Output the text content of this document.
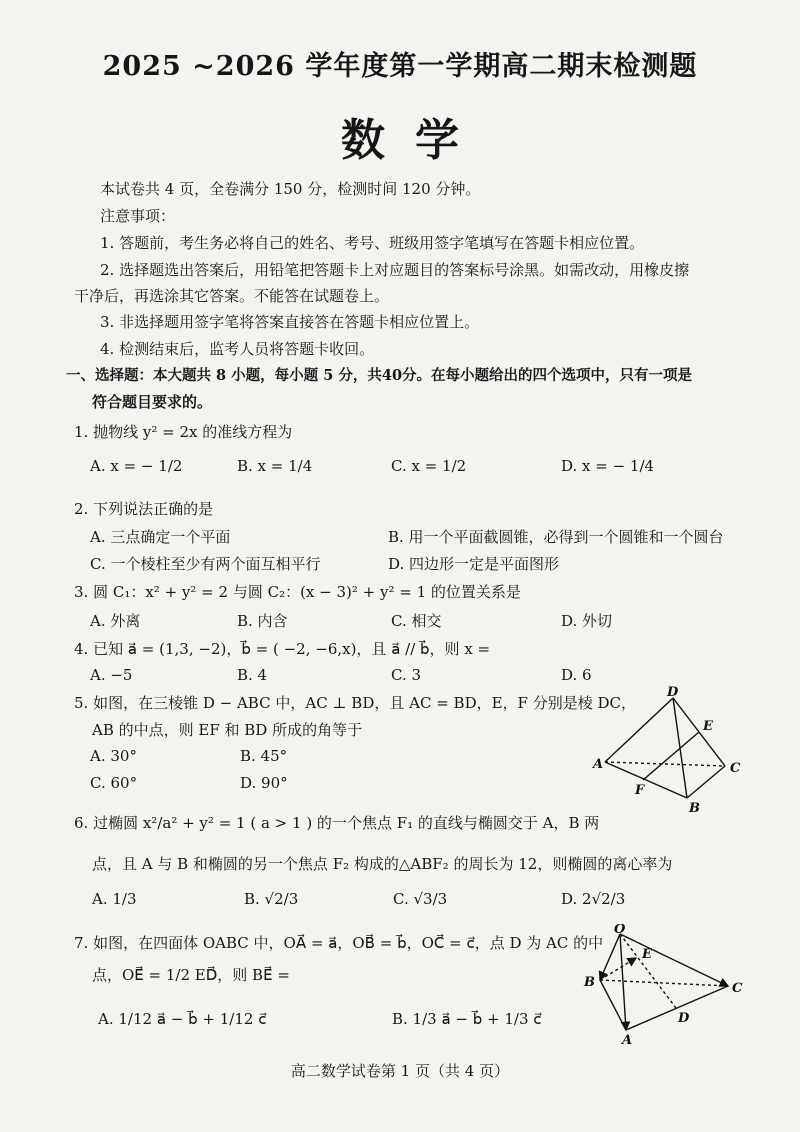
2025 ~2026 学年度第一学期高二期末检测题
数学
本试卷共 4 页，全卷满分 150 分，检测时间 120 分钟。
注意事项：
1. 答题前，考生务必将自己的姓名、考号、班级用签字笔填写在答题卡相应位置。
2. 选择题选出答案后，用铅笔把答题卡上对应题目的答案标号涂黑。如需改动，用橡皮擦
干净后，再选涂其它答案。不能答在试题卷上。
3. 非选择题用签字笔将答案直接答在答题卡相应位置上。
4. 检测结束后，监考人员将答题卡收回。
一、选择题：本大题共 8 小题，每小题 5 分，共40分。在每小题给出的四个选项中，只有一项是
符合题目要求的。
1. 抛物线 y² = 2x 的准线方程为
A. x = − 1/2	B. x = 1/4	C. x = 1/2	D. x = − 1/4
2. 下列说法正确的是
A. 三点确定一个平面	B. 用一个平面截圆锥，必得到一个圆锥和一个圆台
C. 一个棱柱至少有两个面互相平行	D. 四边形一定是平面图形
3. 圆 C₁：x² + y² = 2 与圆 C₂：(x − 3)² + y² = 1 的位置关系是
A. 外离	B. 内含	C. 相交	D. 外切
4. 已知 a⃗ = (1,3, −2)，b⃗ = ( −2, −6,x)，且 a⃗ // b⃗，则 x =
A. −5	B. 4	C. 3	D. 6
5. 如图，在三棱锥 D − ABC 中，AC ⊥ BD，且 AC = BD，E，F 分别是棱 DC，
AB 的中点，则 EF 和 BD 所成的角等于
A. 30°	B. 45°
C. 60°	D. 90°
D
E
A	C
F
B
6. 过椭圆 x²/a² + y² = 1 ( a > 1 ) 的一个焦点 F₁ 的直线与椭圆交于 A，B 两
点，且 A 与 B 和椭圆的另一个焦点 F₂ 构成的△ABF₂ 的周长为 12，则椭圆的离心率为
A. 1/3	B. √2/3	C. √3/3	D. 2√2/3
7. 如图，在四面体 OABC 中，OA⃗ = a⃗，OB⃗ = b⃗，OC⃗ = c⃗，点 D 为 AC 的中
点，OE⃗ = 1/2 ED⃗，则 BE⃗ =
A. 1/12 a⃗ − b⃗ + 1/12 c⃗	B. 1/3 a⃗ − b⃗ + 1/3 c⃗
O
E
B	C
D
A
高二数学试卷第 1 页（共 4 页）
